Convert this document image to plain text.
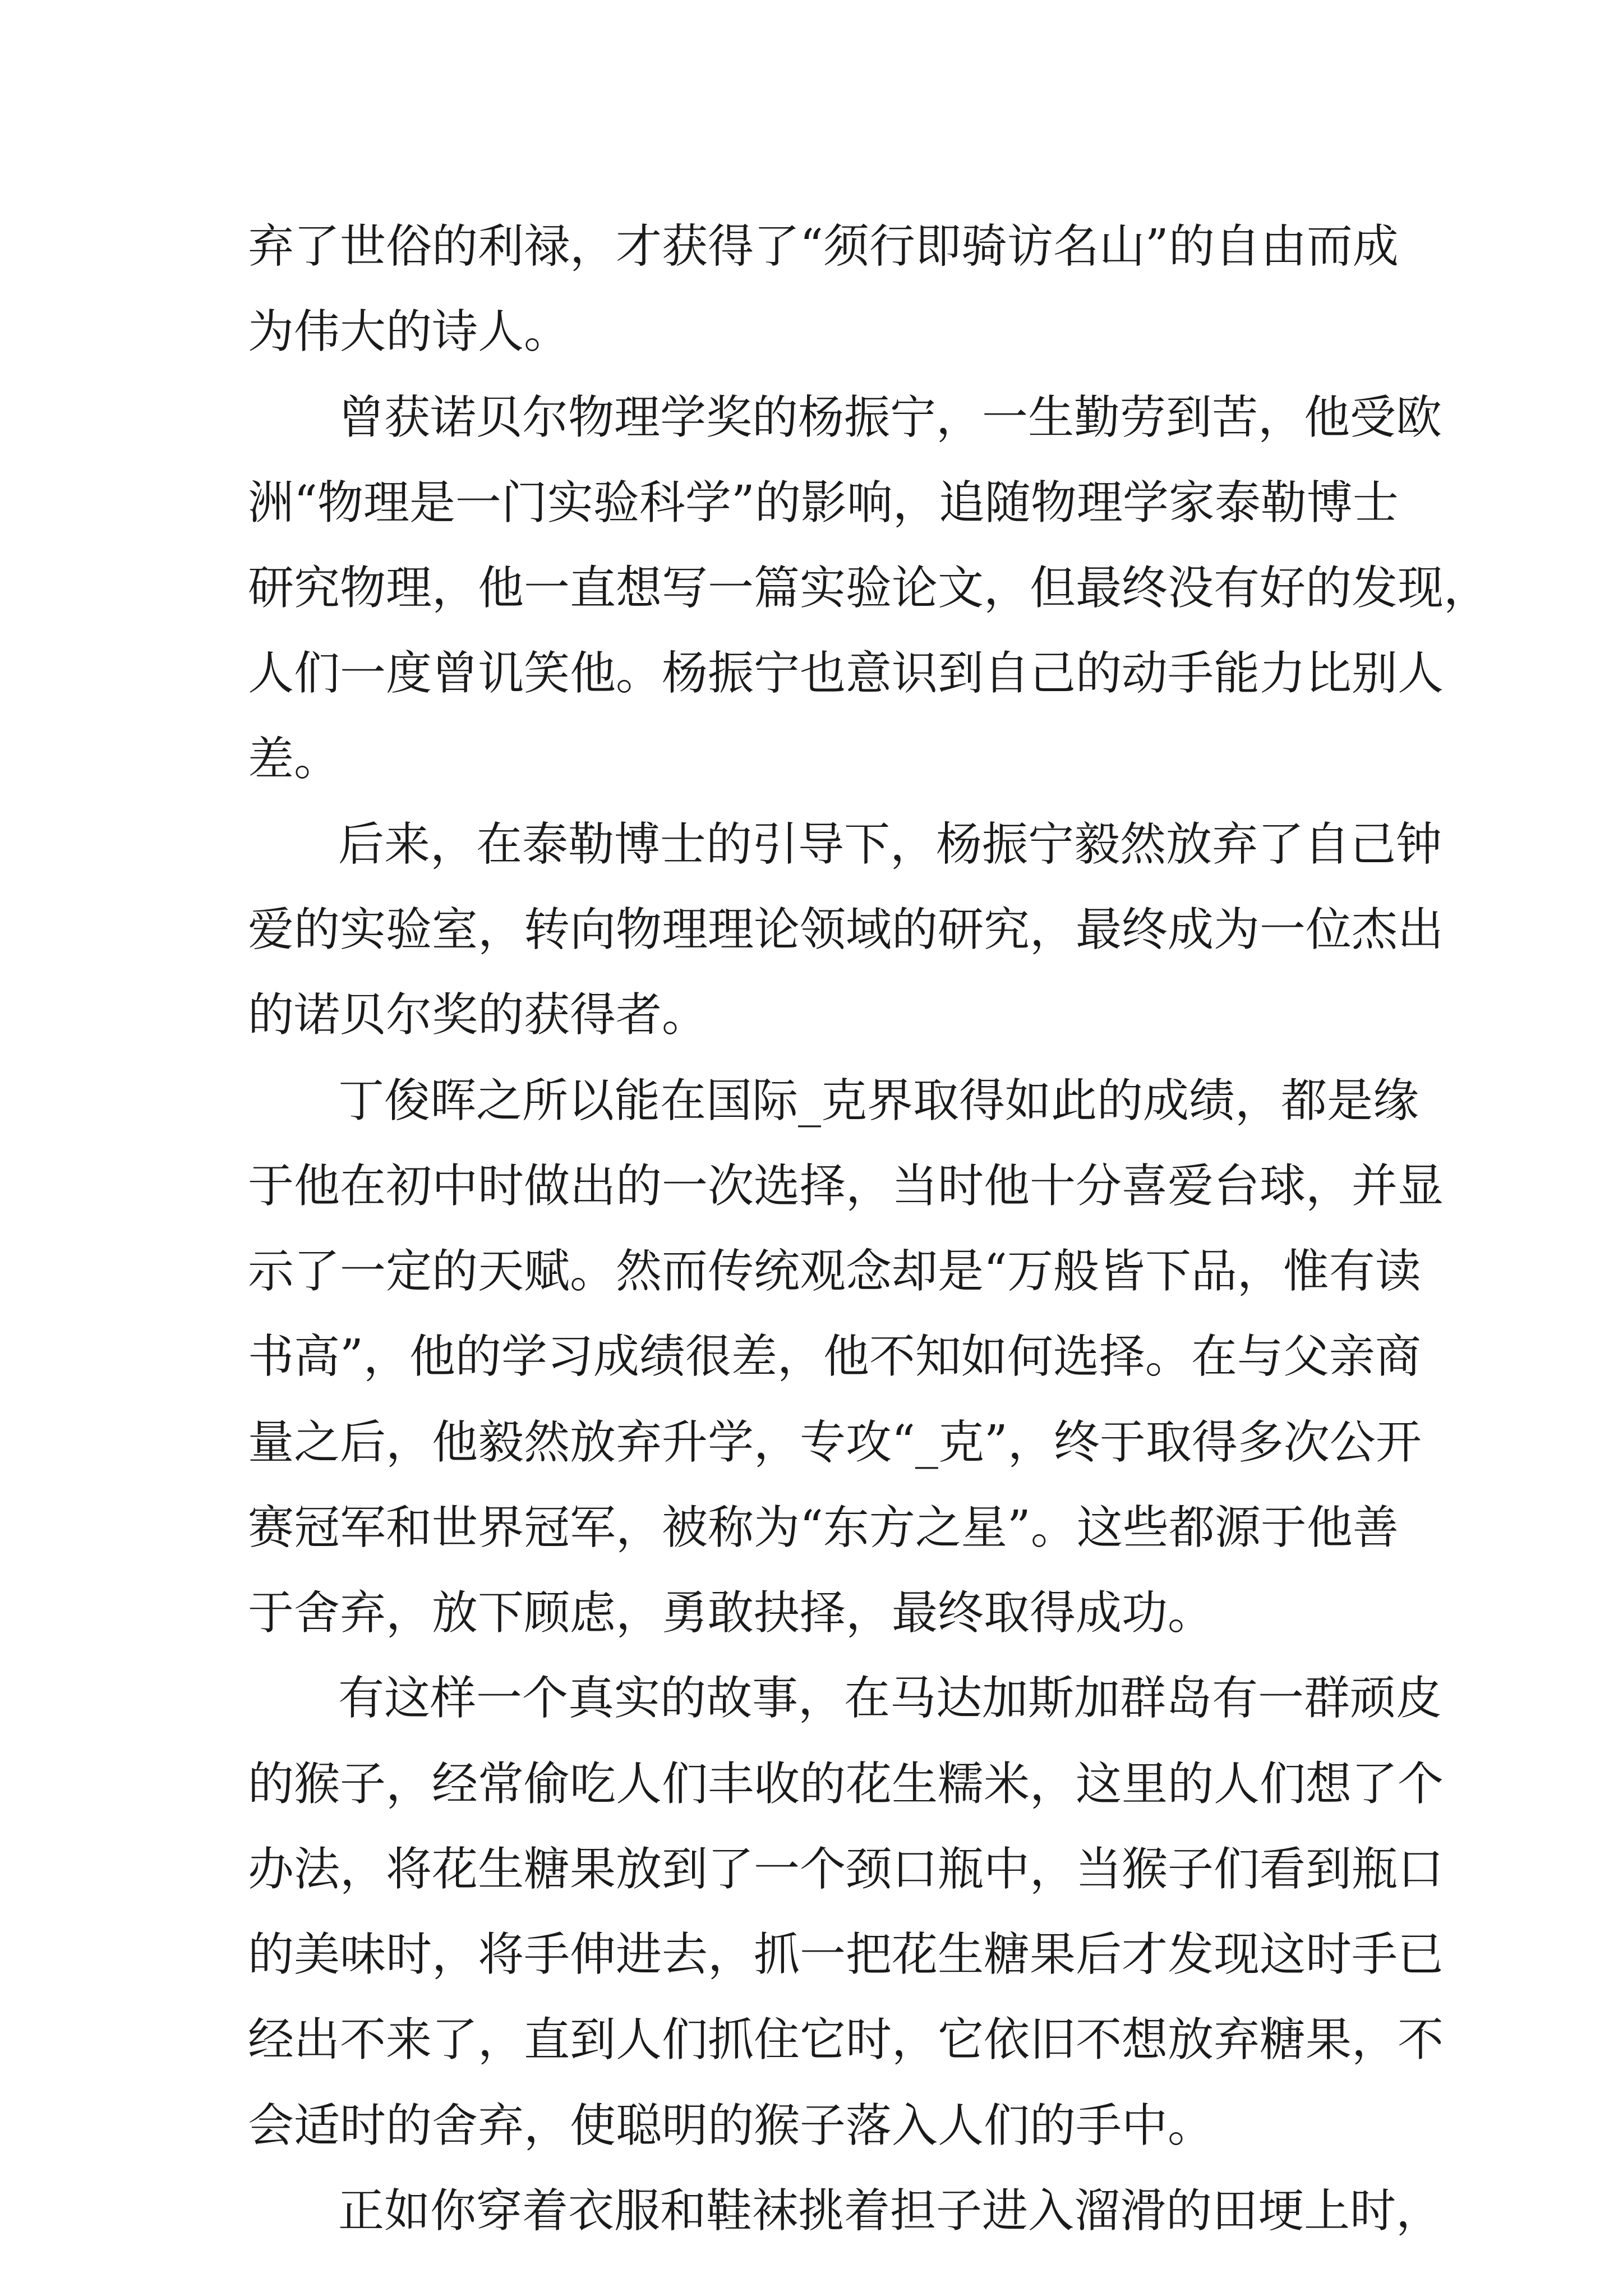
弃了世俗的利禄，才获得了“须行即骑访名山”的自由而成
为伟大的诗人。
曾获诺贝尔物理学奖的杨振宁，一生勤劳到苦，他受欧
洲“物理是一门实验科学”的影响，追随物理学家泰勒博士
研究物理，他一直想写一篇实验论文，但最终没有好的发现，
人们一度曾讥笑他。杨振宁也意识到自己的动手能力比别人
差。
后来，在泰勒博士的引导下，杨振宁毅然放弃了自己钟
爱的实验室，转向物理理论领域的研究，最终成为一位杰出
的诺贝尔奖的获得者。
丁俊晖之所以能在国际_克界取得如此的成绩，都是缘
于他在初中时做出的一次选择，当时他十分喜爱台球，并显
示了一定的天赋。然而传统观念却是“万般皆下品，惟有读
书高”，他的学习成绩很差，他不知如何选择。在与父亲商
量之后，他毅然放弃升学，专攻“_克”，终于取得多次公开
赛冠军和世界冠军，被称为“东方之星”。这些都源于他善
于舍弃，放下顾虑，勇敢抉择，最终取得成功。
有这样一个真实的故事，在马达加斯加群岛有一群顽皮
的猴子，经常偷吃人们丰收的花生糯米，这里的人们想了个
办法，将花生糖果放到了一个颈口瓶中，当猴子们看到瓶口
的美味时，将手伸进去，抓一把花生糖果后才发现这时手已
经出不来了，直到人们抓住它时，它依旧不想放弃糖果，不
会适时的舍弃，使聪明的猴子落入人们的手中。
正如你穿着衣服和鞋袜挑着担子进入溜滑的田埂上时，
